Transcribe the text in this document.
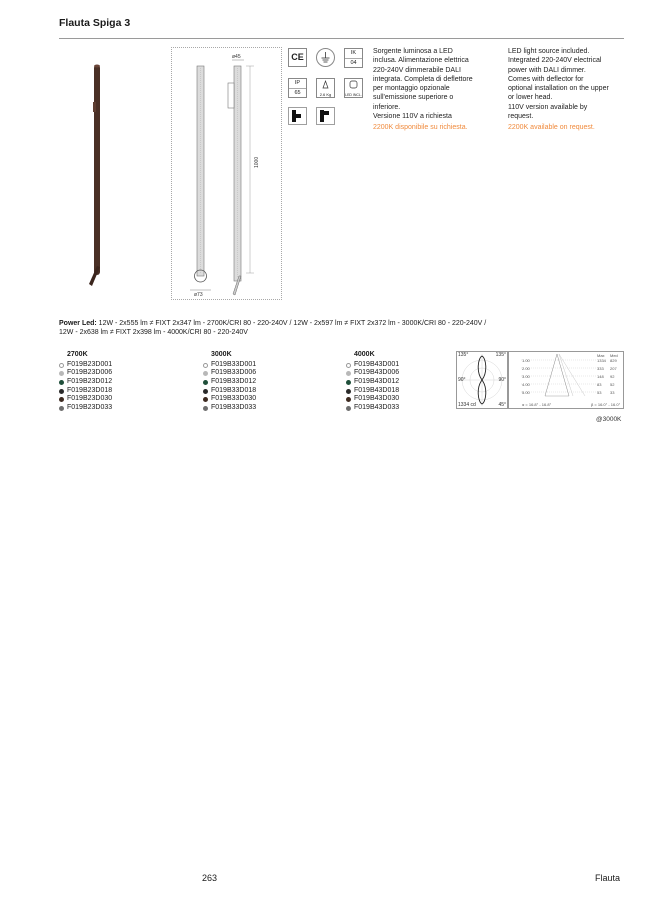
Flauta Spiga 3
1000
ø45
ø73
CE	IK
04
IP
65	2.6 Kg	LED INCL.
Sorgente luminosa a LED
inclusa. Alimentazione elettrica
220-240V dimmerabile DALI
integrata. Completa di deflettore
per montaggio opzionale
sull'emissione superiore o
inferiore.
Versione 110V a richiesta
2200K disponibile su richiesta.
LED light source included.
Integrated 220-240V electrical
power with DALI dimmer.
Comes with deflector for
optional installation on the upper
or lower head.
110V version available by
request.
2200K available on request.
Power Led: 12W - 2x555 lm ≠ FIXT 2x347 lm - 2700K/CRI 80 - 220-240V / 12W - 2x597 lm ≠ FIXT 2x372 lm - 3000K/CRI 80 - 220-240V /
12W - 2x638 lm ≠ FIXT 2x398 lm - 4000K/CRI 80 - 220-240V
2700K
F019B23D001
F019B23D006
F019B23D012
F019B23D018
F019B23D030
F019B23D033
3000K
F019B33D001
F019B33D006
F019B33D012
F019B33D018
F019B33D030
F019B33D033
4000K
F019B43D001
F019B43D006
F019B43D012
F019B43D018
F019B43D030
F019B43D033
135°	135°
90°	90°
1334 cd	45°
Max Med
1.00	1334 829
2.00	333 207
3.00	148 92
4.00	83 52
5.00	53 33
α = 16.8° - 16.8°	β = 16.0° - 16.0°
@3000K
263	Flauta
